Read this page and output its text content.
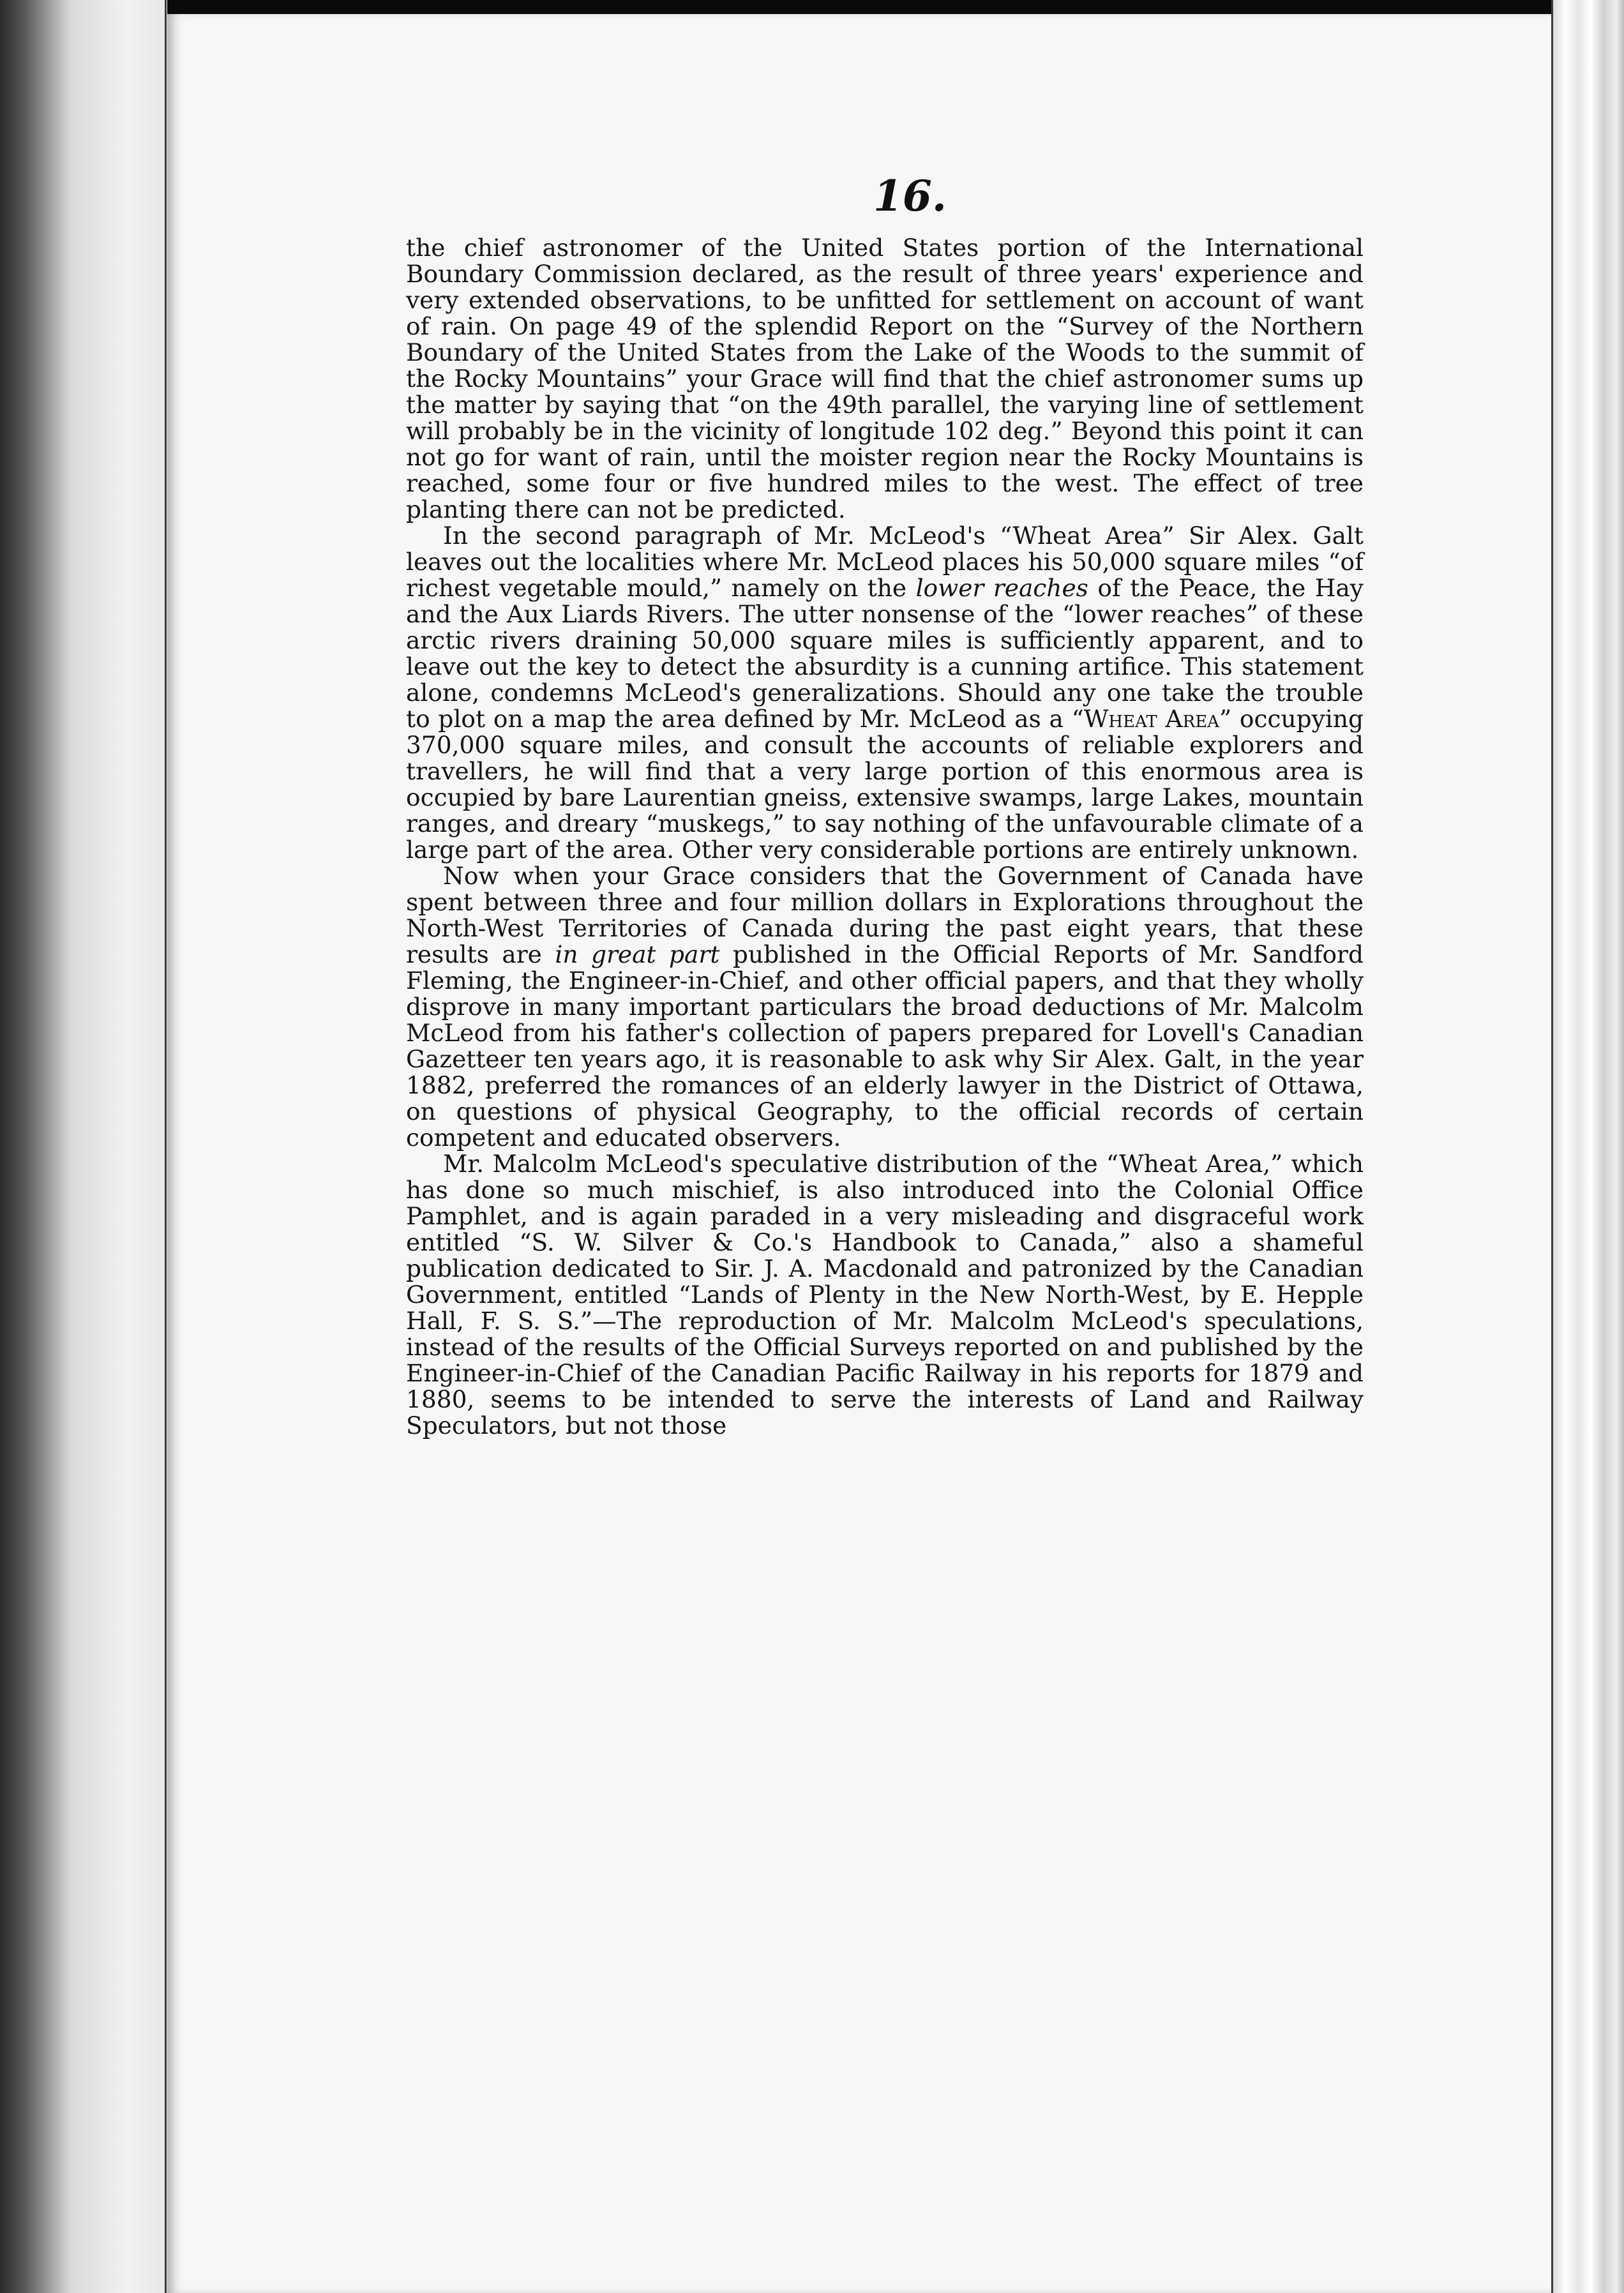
16.

the chief astronomer of the United States portion of the International Boundary Commission declared, as the result of three years' experience and very extended observations, to be unfitted for settlement on account of want of rain. On page 49 of the splendid Report on the “Survey of the Northern Boundary of the United States from the Lake of the Woods to the summit of the Rocky Mountains” your Grace will find that the chief astronomer sums up the matter by saying that “on the 49th parallel, the varying line of settlement will probably be in the vicinity of longitude 102 deg.” Beyond this point it can not go for want of rain, until the moister region near the Rocky Mountains is reached, some four or five hundred miles to the west. The effect of tree planting there can not be predicted.

In the second paragraph of Mr. McLeod's “Wheat Area” Sir Alex. Galt leaves out the localities where Mr. McLeod places his 50,000 square miles “of richest vegetable mould,” namely on the lower reaches of the Peace, the Hay and the Aux Liards Rivers. The utter nonsense of the “lower reaches” of these arctic rivers draining 50,000 square miles is sufficiently apparent, and to leave out the key to detect the absurdity is a cunning artifice. This statement alone, condemns McLeod's generalizations. Should any one take the trouble to plot on a map the area defined by Mr. McLeod as a “Wheat Area” occupying 370,000 square miles, and consult the accounts of reliable explorers and travellers, he will find that a very large portion of this enormous area is occupied by bare Laurentian gneiss, extensive swamps, large Lakes, mountain ranges, and dreary “muskegs,” to say nothing of the unfavourable climate of a large part of the area. Other very considerable portions are entirely unknown.

Now when your Grace considers that the Government of Canada have spent between three and four million dollars in Explorations throughout the North-West Territories of Canada during the past eight years, that these results are in great part published in the Official Reports of Mr. Sandford Fleming, the Engineer-in-Chief, and other official papers, and that they wholly disprove in many important particulars the broad deductions of Mr. Malcolm McLeod from his father's collection of papers prepared for Lovell's Canadian Gazetteer ten years ago, it is reasonable to ask why Sir Alex. Galt, in the year 1882, preferred the romances of an elderly lawyer in the District of Ottawa, on questions of physical Geography, to the official records of certain competent and educated observers.

Mr. Malcolm McLeod's speculative distribution of the “Wheat Area,” which has done so much mischief, is also introduced into the Colonial Office Pamphlet, and is again paraded in a very misleading and disgraceful work entitled “S. W. Silver & Co.'s Handbook to Canada,” also a shameful publication dedicated to Sir. J. A. Macdonald and patronized by the Canadian Government, entitled “Lands of Plenty in the New North-West, by E. Hepple Hall, F. S. S.”—The reproduction of Mr. Malcolm McLeod's speculations, instead of the results of the Official Surveys reported on and published by the Engineer-in-Chief of the Canadian Pacific Railway in his reports for 1879 and 1880, seems to be intended to serve the interests of Land and Railway Speculators, but not those
